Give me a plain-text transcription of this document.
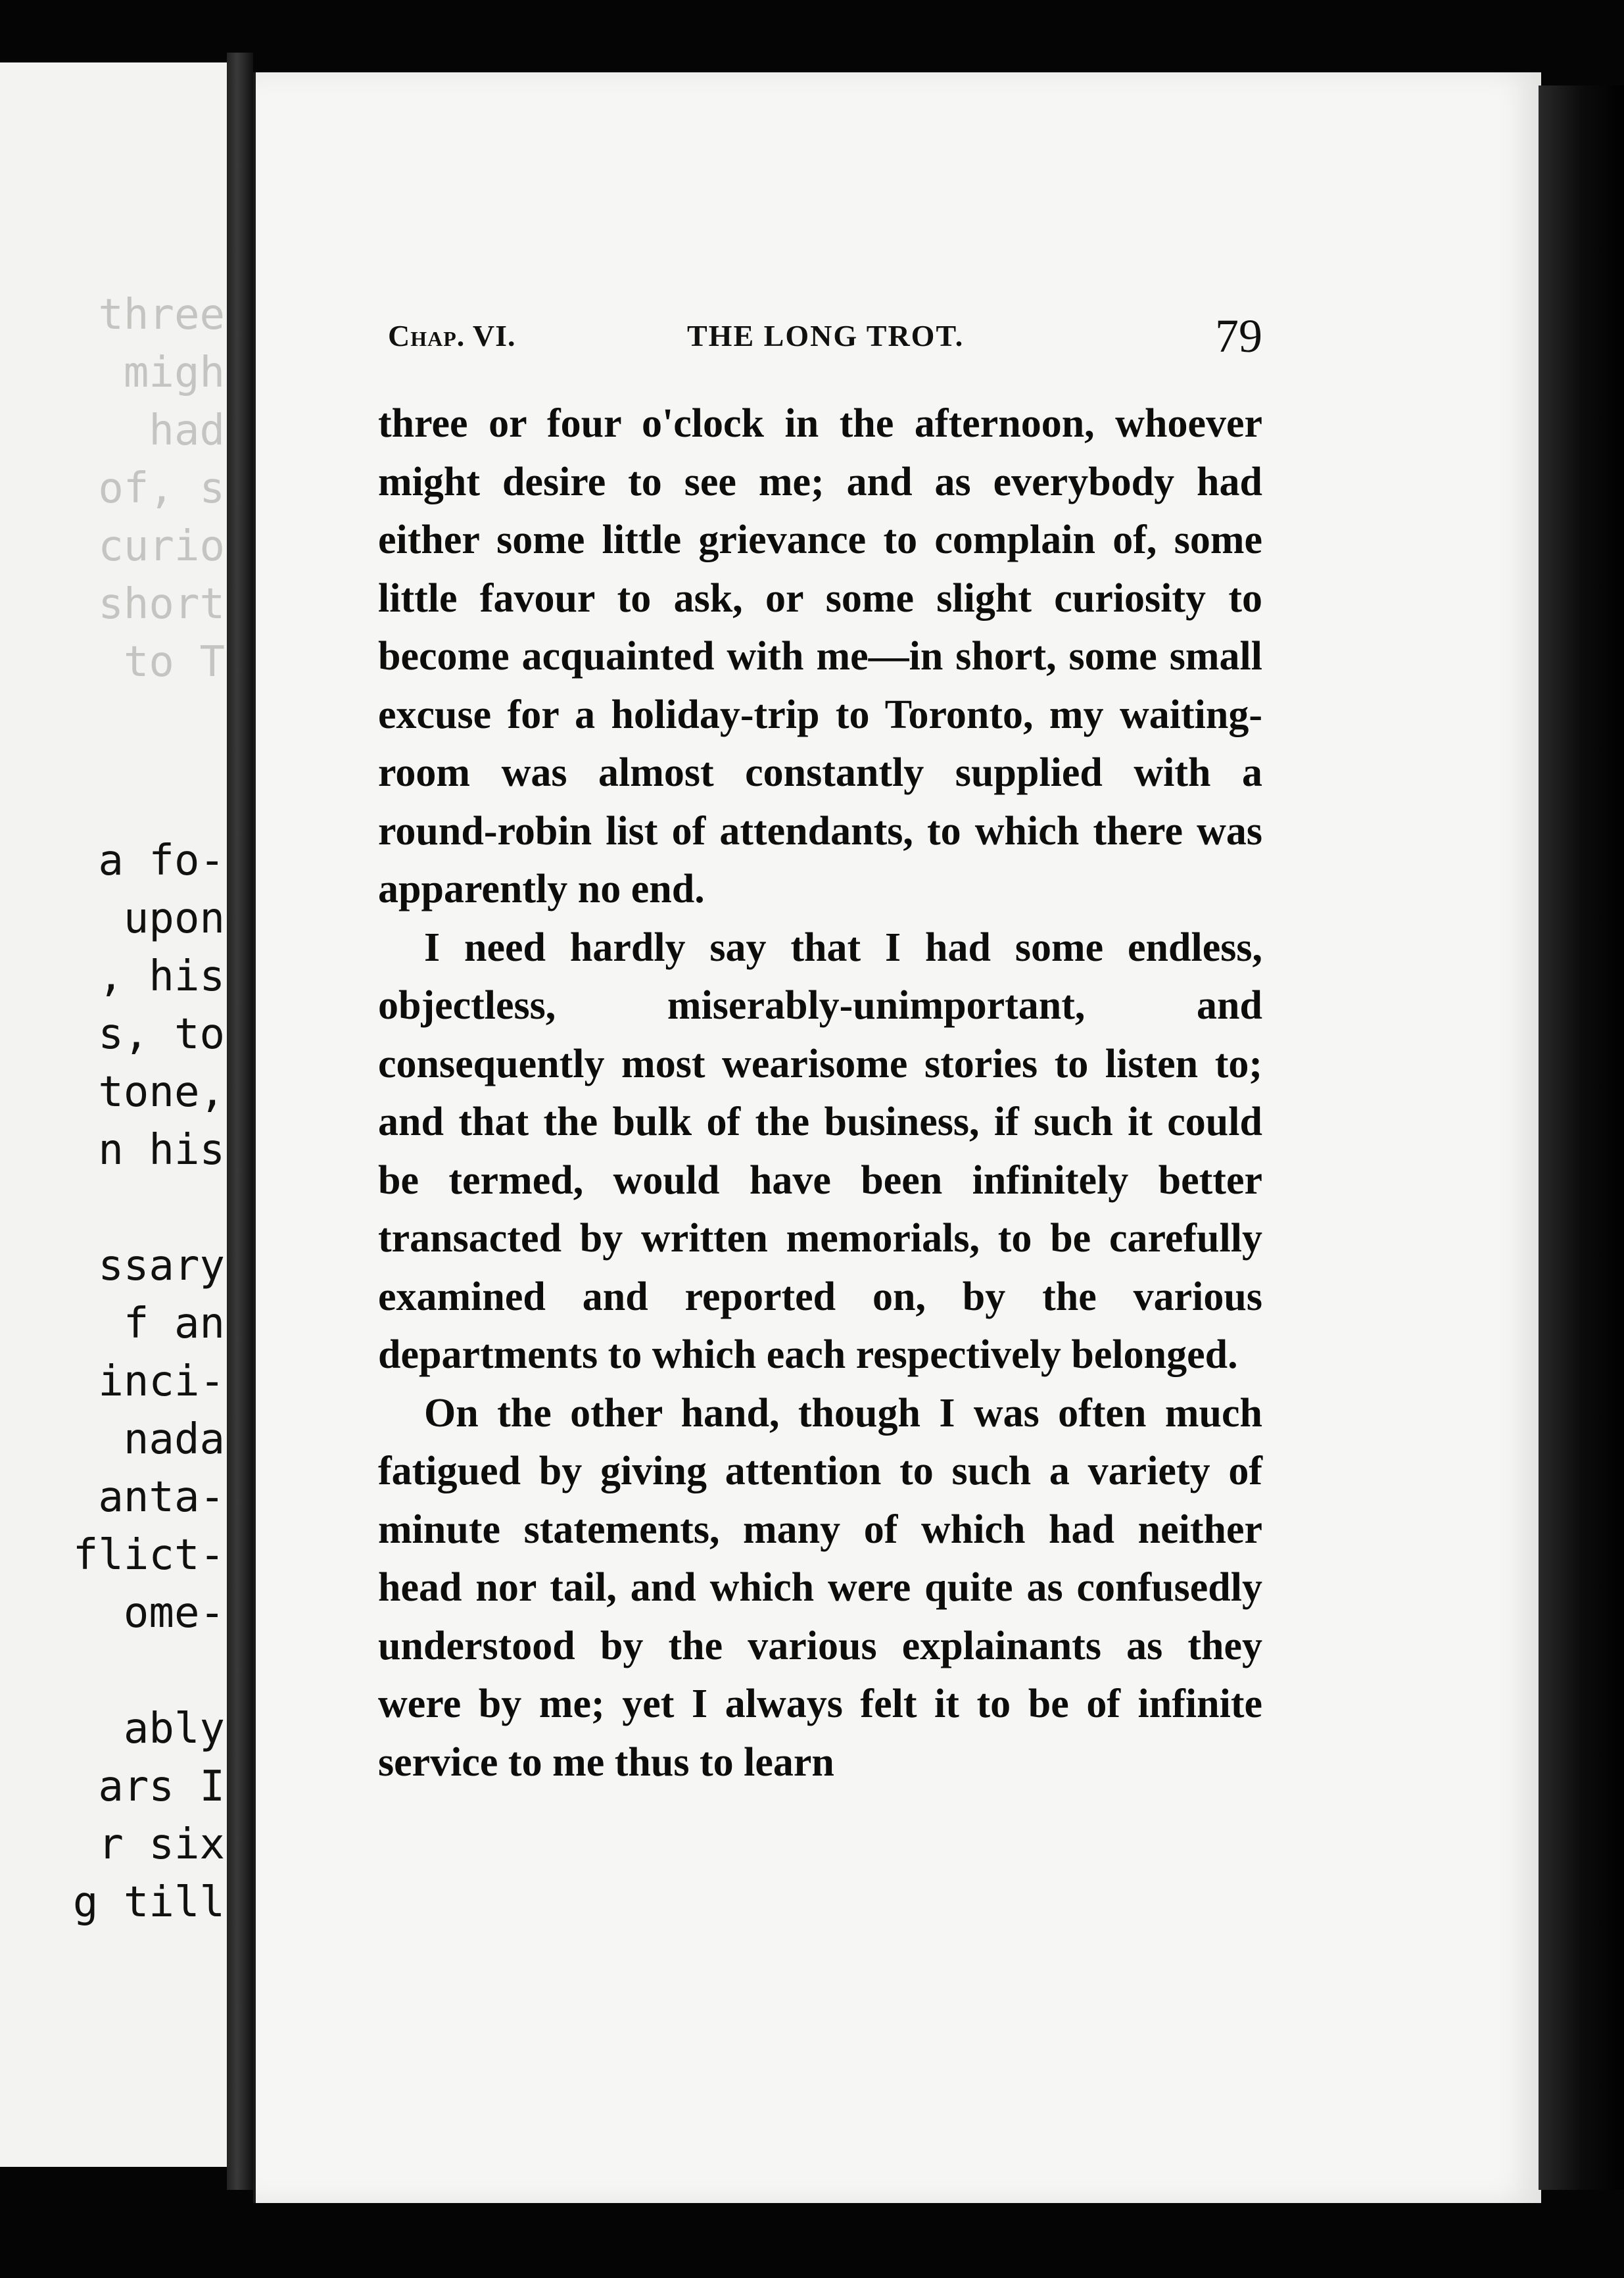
three
migh
had
of, s
curio
short
to T
a fo-
upon
, his
s, to
tone,
n his

ssary
f an
inci-
nada
anta-
flict-
ome-

ably
ars I
r six
g till
Chap. VI.	THE LONG TROT.	79

three or four o'clock in the afternoon, whoever might desire to see me; and as everybody had either some little grievance to complain of, some little favour to ask, or some slight curiosity to become acquainted with me—in short, some small excuse for a holiday-trip to Toronto, my waiting-room was almost constantly supplied with a round-robin list of attendants, to which there was apparently no end.

I need hardly say that I had some endless, objectless, miserably-unimportant, and consequently most wearisome stories to listen to; and that the bulk of the business, if such it could be termed, would have been infinitely better transacted by written memorials, to be carefully examined and reported on, by the various departments to which each respectively belonged.

On the other hand, though I was often much fatigued by giving attention to such a variety of minute statements, many of which had neither head nor tail, and which were quite as confusedly understood by the various explainants as they were by me; yet I always felt it to be of infinite service to me thus to learn
